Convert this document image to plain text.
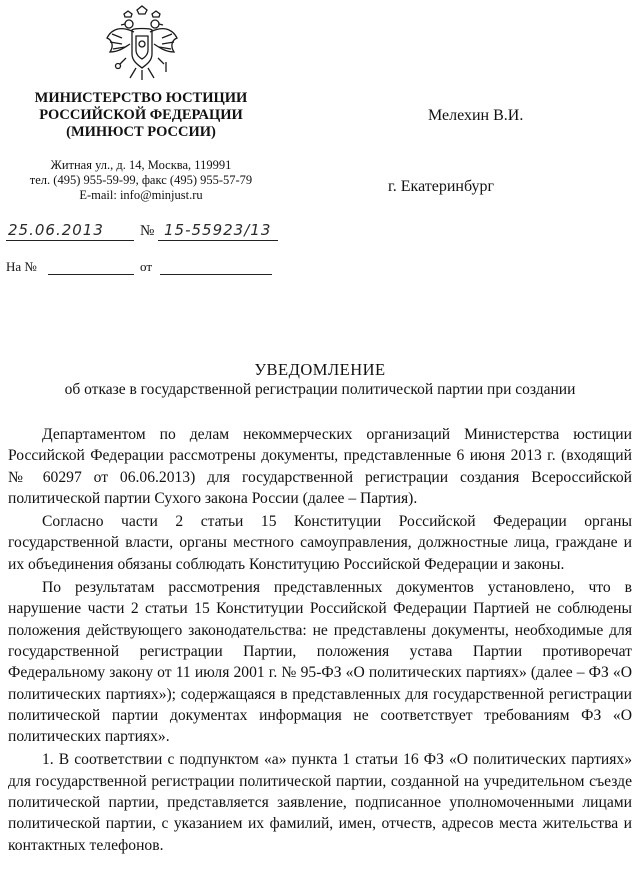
МИНИСТЕРСТВО ЮСТИЦИИ
РОССИЙСКОЙ ФЕДЕРАЦИИ
(МИНЮСТ РОССИИ)
Житная ул., д. 14, Москва, 119991
тел. (495) 955-59-99, факс (495) 955-57-79
E-mail: info@minjust.ru
Мелехин В.И.
г. Екатеринбург
25.06.2013 № 15-55923/13
На №	от
УВЕДОМЛЕНИЕ
об отказе в государственной регистрации политической партии при создании

Департаментом по делам некоммерческих организаций Министерства юстиции Российской Федерации рассмотрены документы, представленные 6 июня 2013 г. (входящий № 60297 от 06.06.2013) для государственной регистрации создания Всероссийской политической партии Сухого закона России (далее – Партия).

Согласно части 2 статьи 15 Конституции Российской Федерации органы государственной власти, органы местного самоуправления, должностные лица, граждане и их объединения обязаны соблюдать Конституцию Российской Федерации и законы.

По результатам рассмотрения представленных документов установлено, что в нарушение части 2 статьи 15 Конституции Российской Федерации Партией не соблюдены положения действующего законодательства: не представлены документы, необходимые для государственной регистрации Партии, положения устава Партии противоречат Федеральному закону от 11 июля 2001 г. № 95-ФЗ «О политических партиях» (далее – ФЗ «О политических партиях»); содержащаяся в представленных для государственной регистрации политической партии документах информация не соответствует требованиям ФЗ «О политических партиях».

1. В соответствии с подпунктом «а» пункта 1 статьи 16 ФЗ «О политических партиях» для государственной регистрации политической партии, созданной на учредительном съезде политической партии, представляется заявление, подписанное уполномоченными лицами политической партии, с указанием их фамилий, имен, отчеств, адресов места жительства и контактных телефонов.
